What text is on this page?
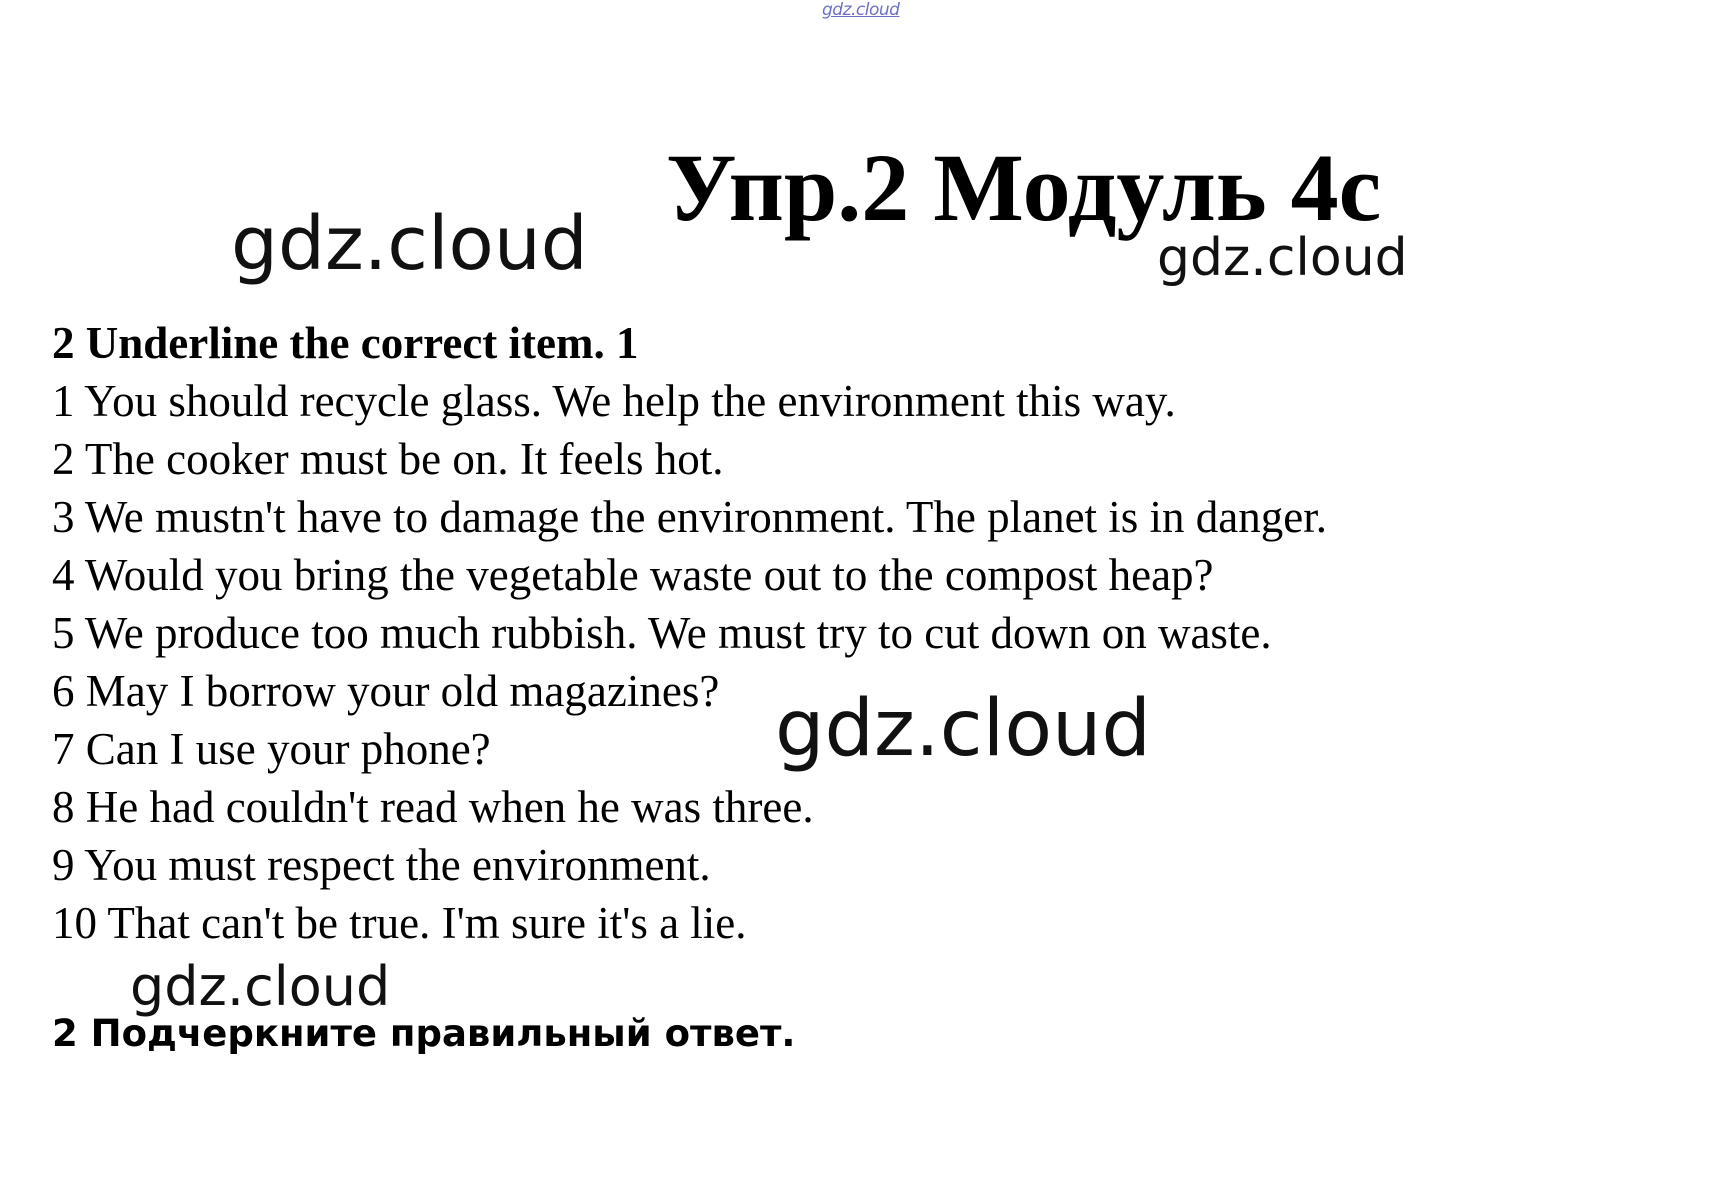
gdz.cloud
Упр.2 Модуль 4с
gdz.cloud	gdz.cloud
2 Underline the correct item. 1
1 You should recycle glass. We help the environment this way.
2 The cooker must be on. It feels hot.
3 We mustn't have to damage the environment. The planet is in danger.
4 Would you bring the vegetable waste out to the compost heap?
5 We produce too much rubbish. We must try to cut down on waste.
6 May I borrow your old magazines?
7 Can I use your phone?
8 He had couldn't read when he was three.
9 You must respect the environment.
10 That can't be true. I'm sure it's a lie.
gdz.cloud
gdz.cloud
2 Подчеркните правильный ответ.
